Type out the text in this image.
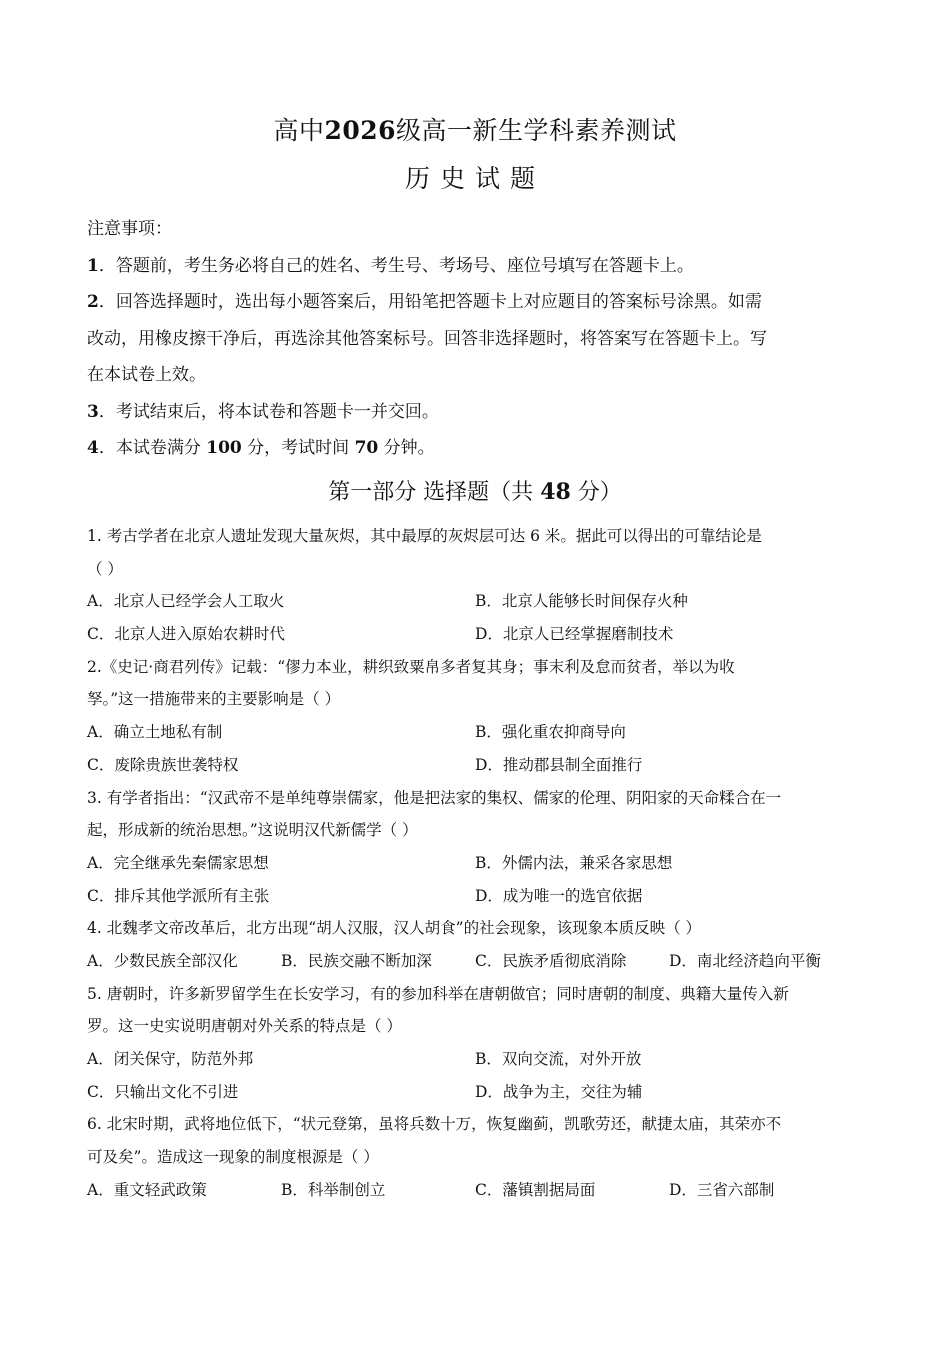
高中2026级高一新生学科素养测试
历史试题

注意事项：

1．答题前，考生务必将自己的姓名、考生号、考场号、座位号填写在答题卡上。

2．回答选择题时，选出每小题答案后，用铅笔把答题卡上对应题目的答案标号涂黑。如需

改动，用橡皮擦干净后，再选涂其他答案标号。回答非选择题时，将答案写在答题卡上。写

在本试卷上效。

3．考试结束后，将本试卷和答题卡一并交回。

4．本试卷满分 100 分，考试时间 70 分钟。

第一部分 选择题（共 48 分）
1. 考古学者在北京人遗址发现大量灰烬，其中最厚的灰烬层可达 6 米。据此可以得出的可靠结论是
（ ）
A．北京人已经学会人工取火	B．北京人能够长时间保存火种
C．北京人进入原始农耕时代	D．北京人已经掌握磨制技术
2.《史记·商君列传》记载：“僇力本业，耕织致粟帛多者复其身；事末利及怠而贫者，举以为收
孥。”这一措施带来的主要影响是（ ）
A．确立土地私有制	B．强化重农抑商导向
C．废除贵族世袭特权	D．推动郡县制全面推行
3. 有学者指出：“汉武帝不是单纯尊崇儒家，他是把法家的集权、儒家的伦理、阴阳家的天命糅合在一
起，形成新的统治思想。”这说明汉代新儒学（ ）
A．完全继承先秦儒家思想	B．外儒内法，兼采各家思想
C．排斥其他学派所有主张	D．成为唯一的选官依据
4. 北魏孝文帝改革后，北方出现“胡人汉服，汉人胡食”的社会现象，该现象本质反映（ ）
A．少数民族全部汉化	B．民族交融不断加深	C．民族矛盾彻底消除	D．南北经济趋向平衡
5. 唐朝时，许多新罗留学生在长安学习，有的参加科举在唐朝做官；同时唐朝的制度、典籍大量传入新
罗。这一史实说明唐朝对外关系的特点是（ ）
A．闭关保守，防范外邦	B．双向交流，对外开放
C．只输出文化不引进	D．战争为主，交往为辅
6. 北宋时期，武将地位低下，“状元登第，虽将兵数十万，恢复幽蓟，凯歌劳还，献捷太庙，其荣亦不
可及矣”。造成这一现象的制度根源是（ ）
A．重文轻武政策	B．科举制创立	C．藩镇割据局面	D．三省六部制
